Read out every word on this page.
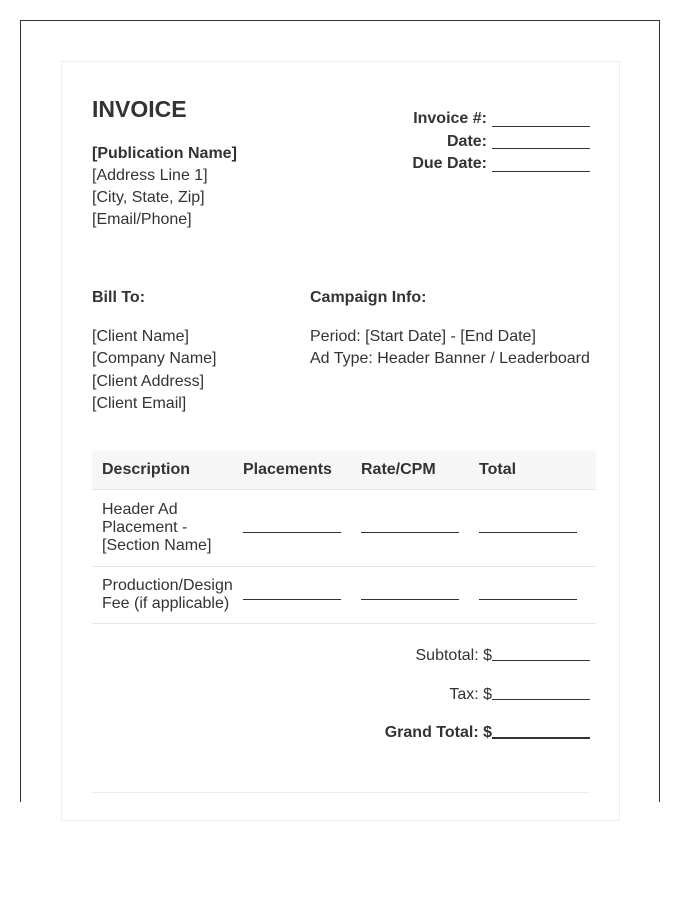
INVOICE
[Publication Name]
[Address Line 1]
[City, State, Zip]
[Email/Phone]
Invoice #:
Date:
Due Date:
Bill To:	Campaign Info:
[Client Name]
[Company Name]
[Client Address]
[Client Email]
Period: [Start Date] - [End Date]
Ad Type: Header Banner / Leaderboard
Description	Placements	Rate/CPM	Total
Header Ad
Placement -
[Section Name]
Production/Design
Fee (if applicable)
Subtotal: $
Tax: $
Grand Total: $
